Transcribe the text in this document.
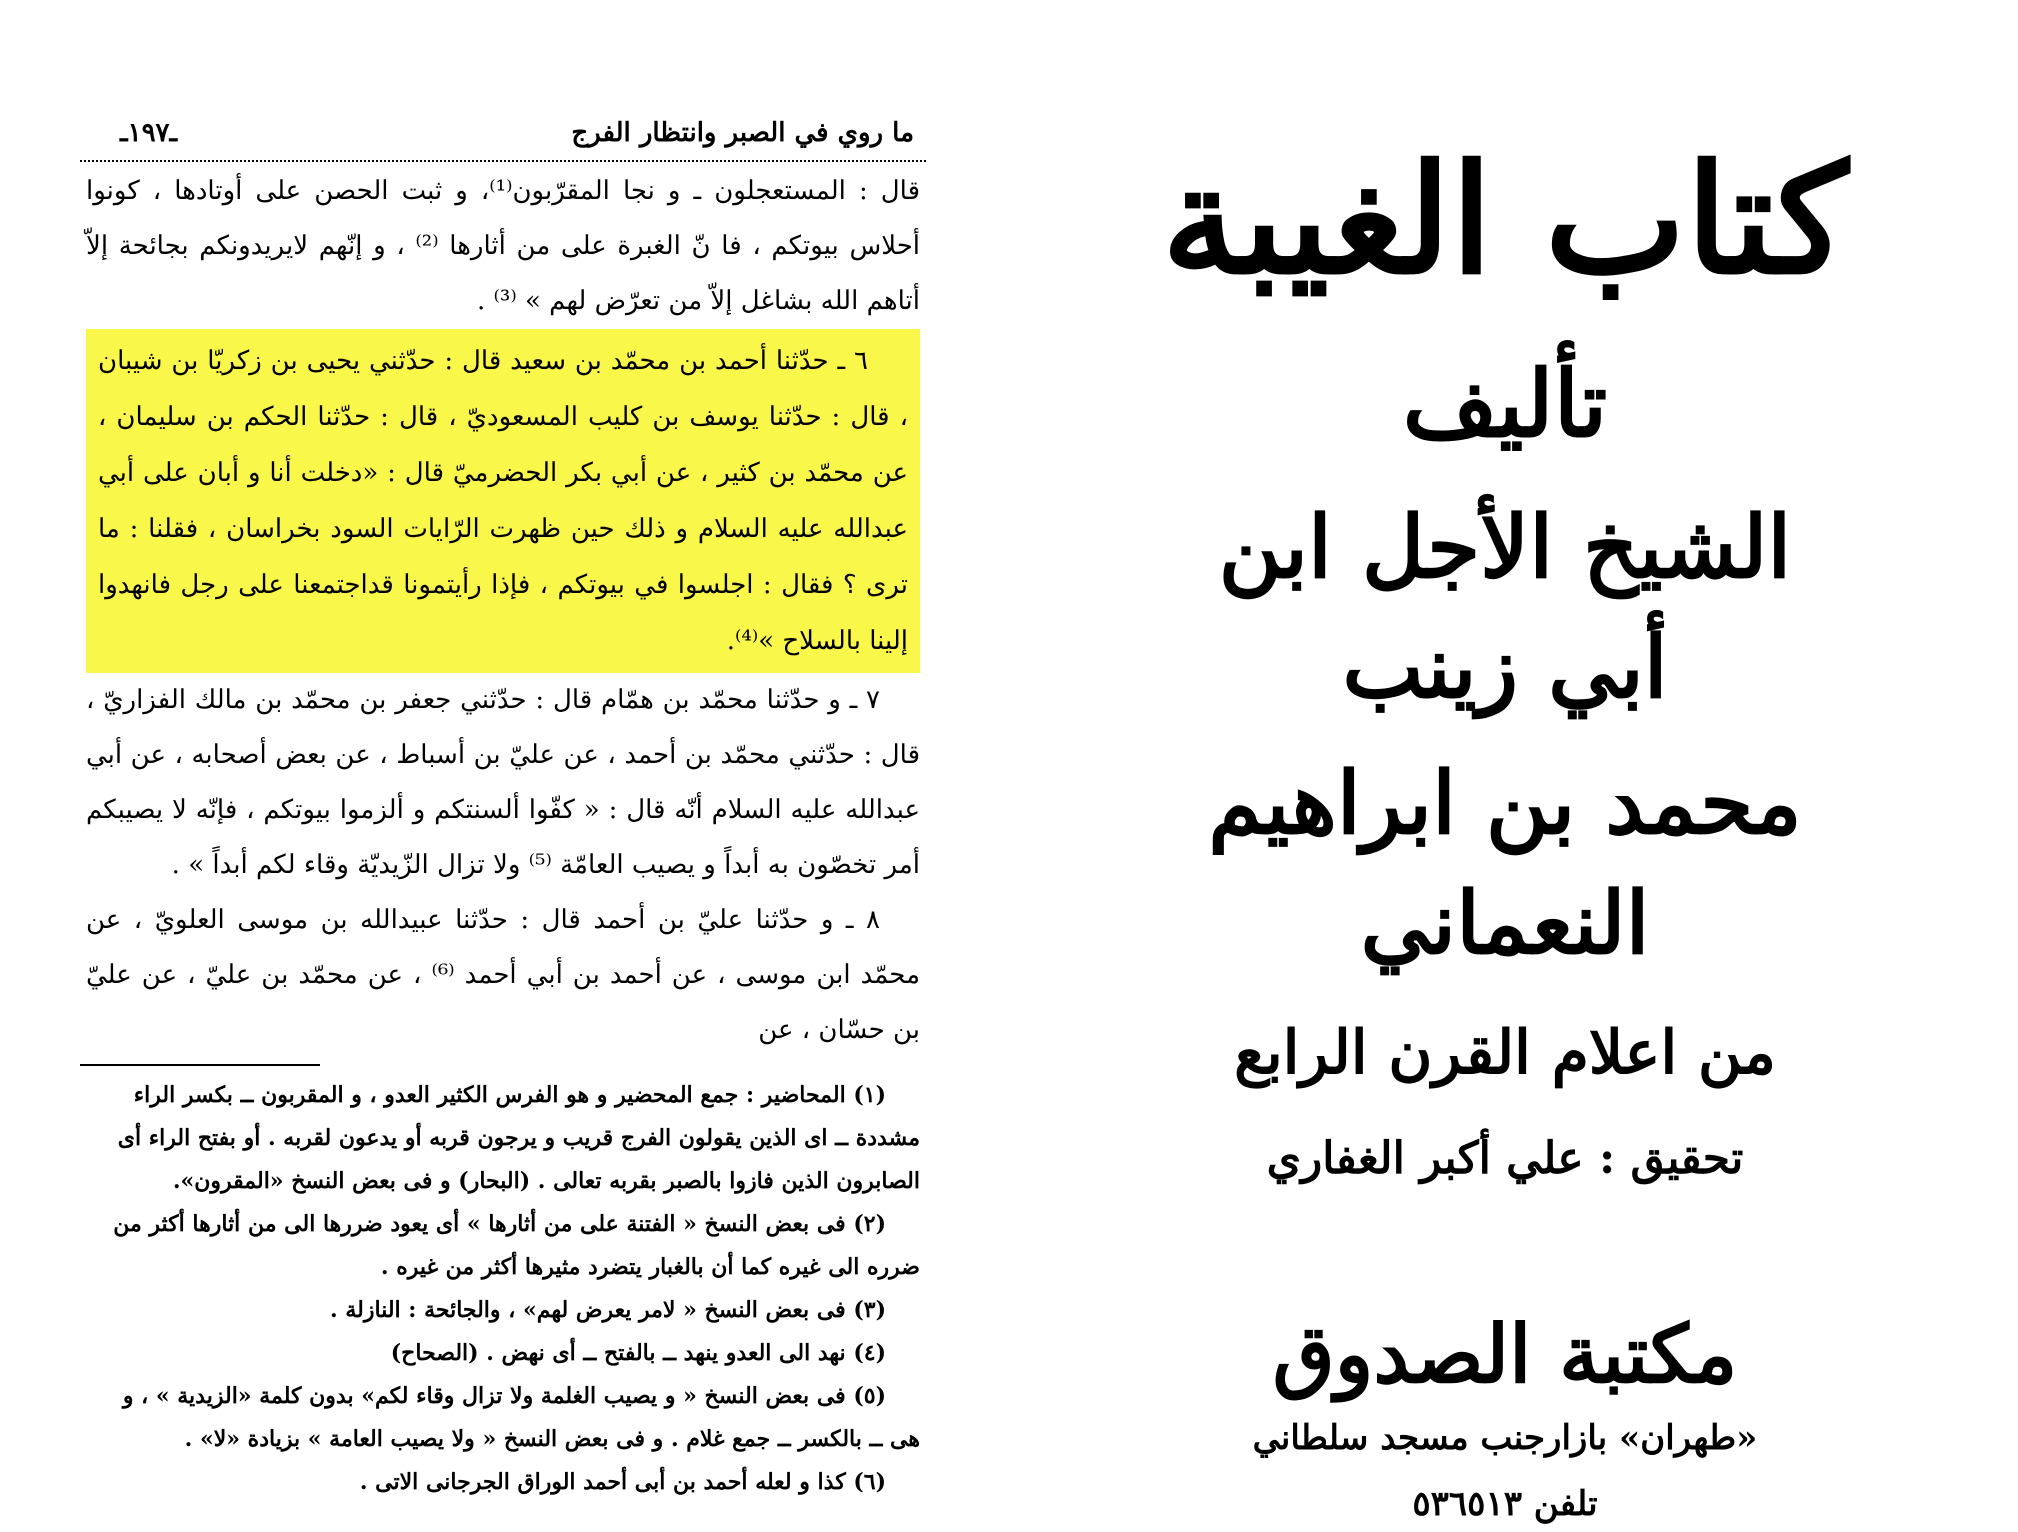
ما روي في الصبر وانتظار الفرج
ـ١٩٧ـ

قال : المستعجلون ـ و نجا المقرّبون⁽¹⁾، و ثبت الحصن على أوتادها ، كونوا أحلاس بيوتكم ، فا نّ الغبرة على من أثارها ⁽²⁾ ، و إنّهم لايريدونكم بجائحة إلاّ أتاهم الله بشاغل إلاّ من تعرّض لهم » ⁽³⁾ .

٦ ـ حدّثنا أحمد بن محمّد بن سعيد قال : حدّثني يحيى بن زكريّا بن شيبان ، قال : حدّثنا يوسف بن كليب المسعوديّ ، قال : حدّثنا الحكم بن سليمان ، عن محمّد بن كثير ، عن أبي بكر الحضرميّ قال : «دخلت أنا و أبان على أبي عبدالله عليه السلام و ذلك حين ظهرت الرّايات السود بخراسان ، فقلنا : ما ترى ؟ فقال : اجلسوا في بيوتكم ، فإذا رأيتمونا قداجتمعنا على رجل فانهدوا إلينا بالسلاح »⁽⁴⁾.

٧ ـ و حدّثنا محمّد بن همّام قال : حدّثني جعفر بن محمّد بن مالك الفزاريّ ، قال : حدّثني محمّد بن أحمد ، عن عليّ بن أسباط ، عن بعض أصحابه ، عن أبي عبدالله عليه السلام أنّه قال : « كفّوا ألسنتكم و ألزموا بيوتكم ، فإنّه لا يصيبكم أمر تخصّون به أبداً و يصيب العامّة ⁽⁵⁾ ولا تزال الزّيديّة وقاء لكم أبداً » .

٨ ـ و حدّثنا عليّ بن أحمد قال : حدّثنا عبيدالله بن موسى العلويّ ، عن محمّد ابن موسى ، عن أحمد بن أبي أحمد ⁽⁶⁾ ، عن محمّد بن عليّ ، عن عليّ بن حسّان ، عن

(١) المحاضير : جمع المحضير و هو الفرس الكثير العدو ، و المقربون ــ بكسر الراء مشددة ــ اى الذين يقولون الفرج قريب و يرجون قربه أو يدعون لقربه . أو بفتح الراء أى الصابرون الذين فازوا بالصبر بقربه تعالى . (البحار) و فى بعض النسخ «المقرون».

(٢) فى بعض النسخ « الفتنة على من أثارها » أى يعود ضررها الى من أثارها أكثر من ضرره الى غيره كما أن بالغبار يتضرد مثيرها أكثر من غيره .

(٣) فى بعض النسخ « لامر يعرض لهم» ، والجائحة : النازلة .

(٤) نهد الى العدو ينهد ــ بالفتح ــ أى نهض . (الصحاح)

(٥) فى بعض النسخ « و يصيب الغلمة ولا تزال وقاء لكم» بدون كلمة «الزيدية » ، و هى ــ بالكسر ــ جمع غلام . و فى بعض النسخ « ولا يصيب العامة » بزيادة «لا» .

(٦) كذا و لعله أحمد بن أبى أحمد الوراق الجرجانى الاتى .

كتاب الغيبة
تأليف
الشيخ الأجل ابن أبي زينب
محمد بن ابراهيم النعماني
من اعلام القرن الرابع
تحقيق : علي أكبر الغفاري
مكتبة الصدوق
«طهران» بازارجنب مسجد سلطاني
تلفن ٥٣٦٥١٣
